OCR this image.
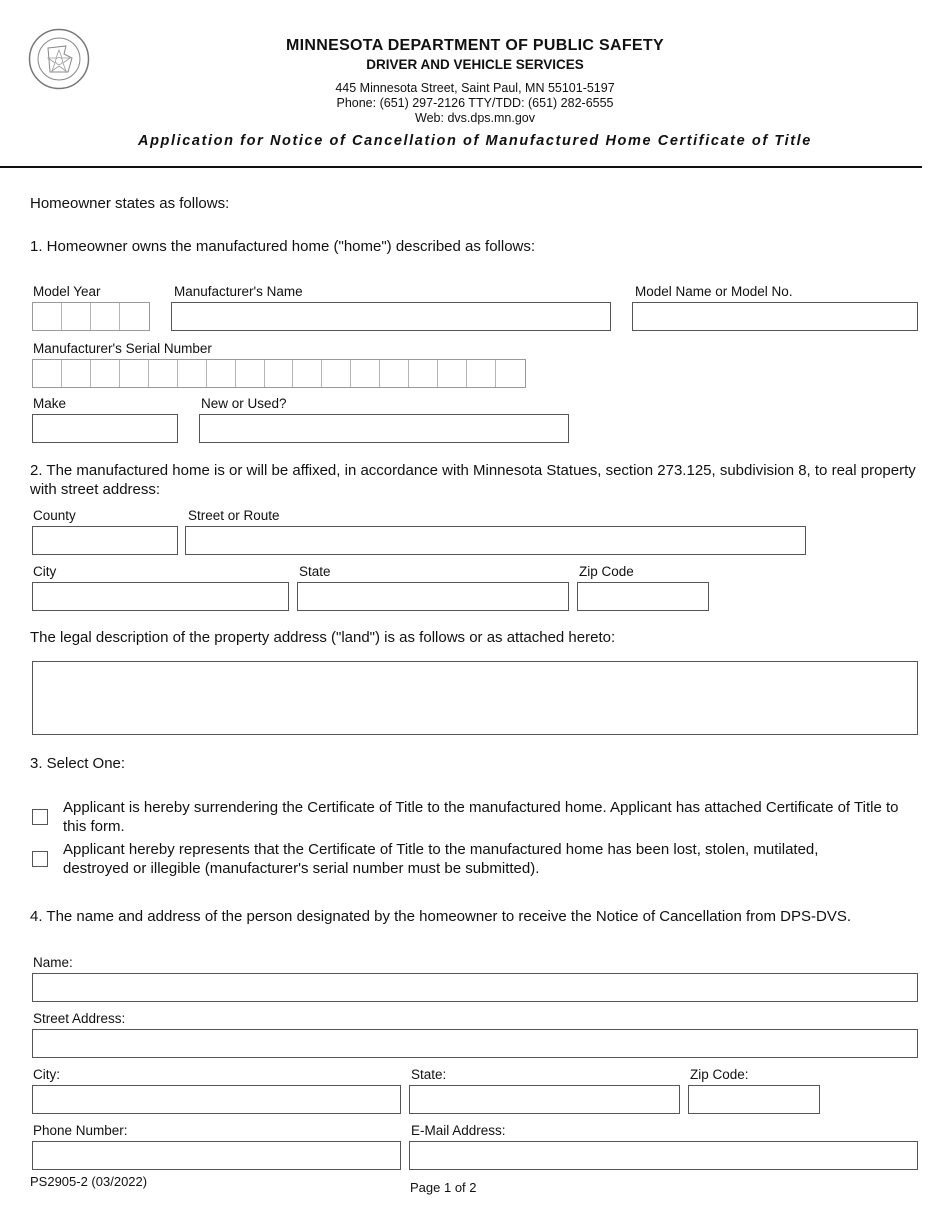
MINNESOTA DEPARTMENT OF PUBLIC SAFETY
DRIVER AND VEHICLE SERVICES
445 Minnesota Street, Saint Paul, MN 55101-5197
Phone: (651) 297-2126 TTY/TDD: (651) 282-6555
Web: dvs.dps.mn.gov
Application for Notice of Cancellation of Manufactured Home Certificate of Title
Homeowner states as follows:
1. Homeowner owns the manufactured home ("home") described as follows:
Model Year	Manufacturer's Name	Model Name or Model No.
Manufacturer's Serial Number
Make	New or Used?
2. The manufactured home is or will be affixed, in accordance with Minnesota Statues, section 273.125, subdivision 8, to real property with street address:
County	Street or Route
City	State	Zip Code
The legal description of the property address ("land") is as follows or as attached hereto:
3. Select One:
Applicant is hereby surrendering the Certificate of Title to the manufactured home. Applicant has attached Certificate of Title to this form.
Applicant hereby represents that the Certificate of Title to the manufactured home has been lost, stolen, mutilated, destroyed or illegible (manufacturer's serial number must be submitted).
4. The name and address of the person designated by the homeowner to receive the Notice of Cancellation from DPS-DVS.
Name:
Street Address:
City:	State:	Zip Code:
Phone Number:	E-Mail Address:
PS2905-2 (03/2022)	Page 1 of 2
